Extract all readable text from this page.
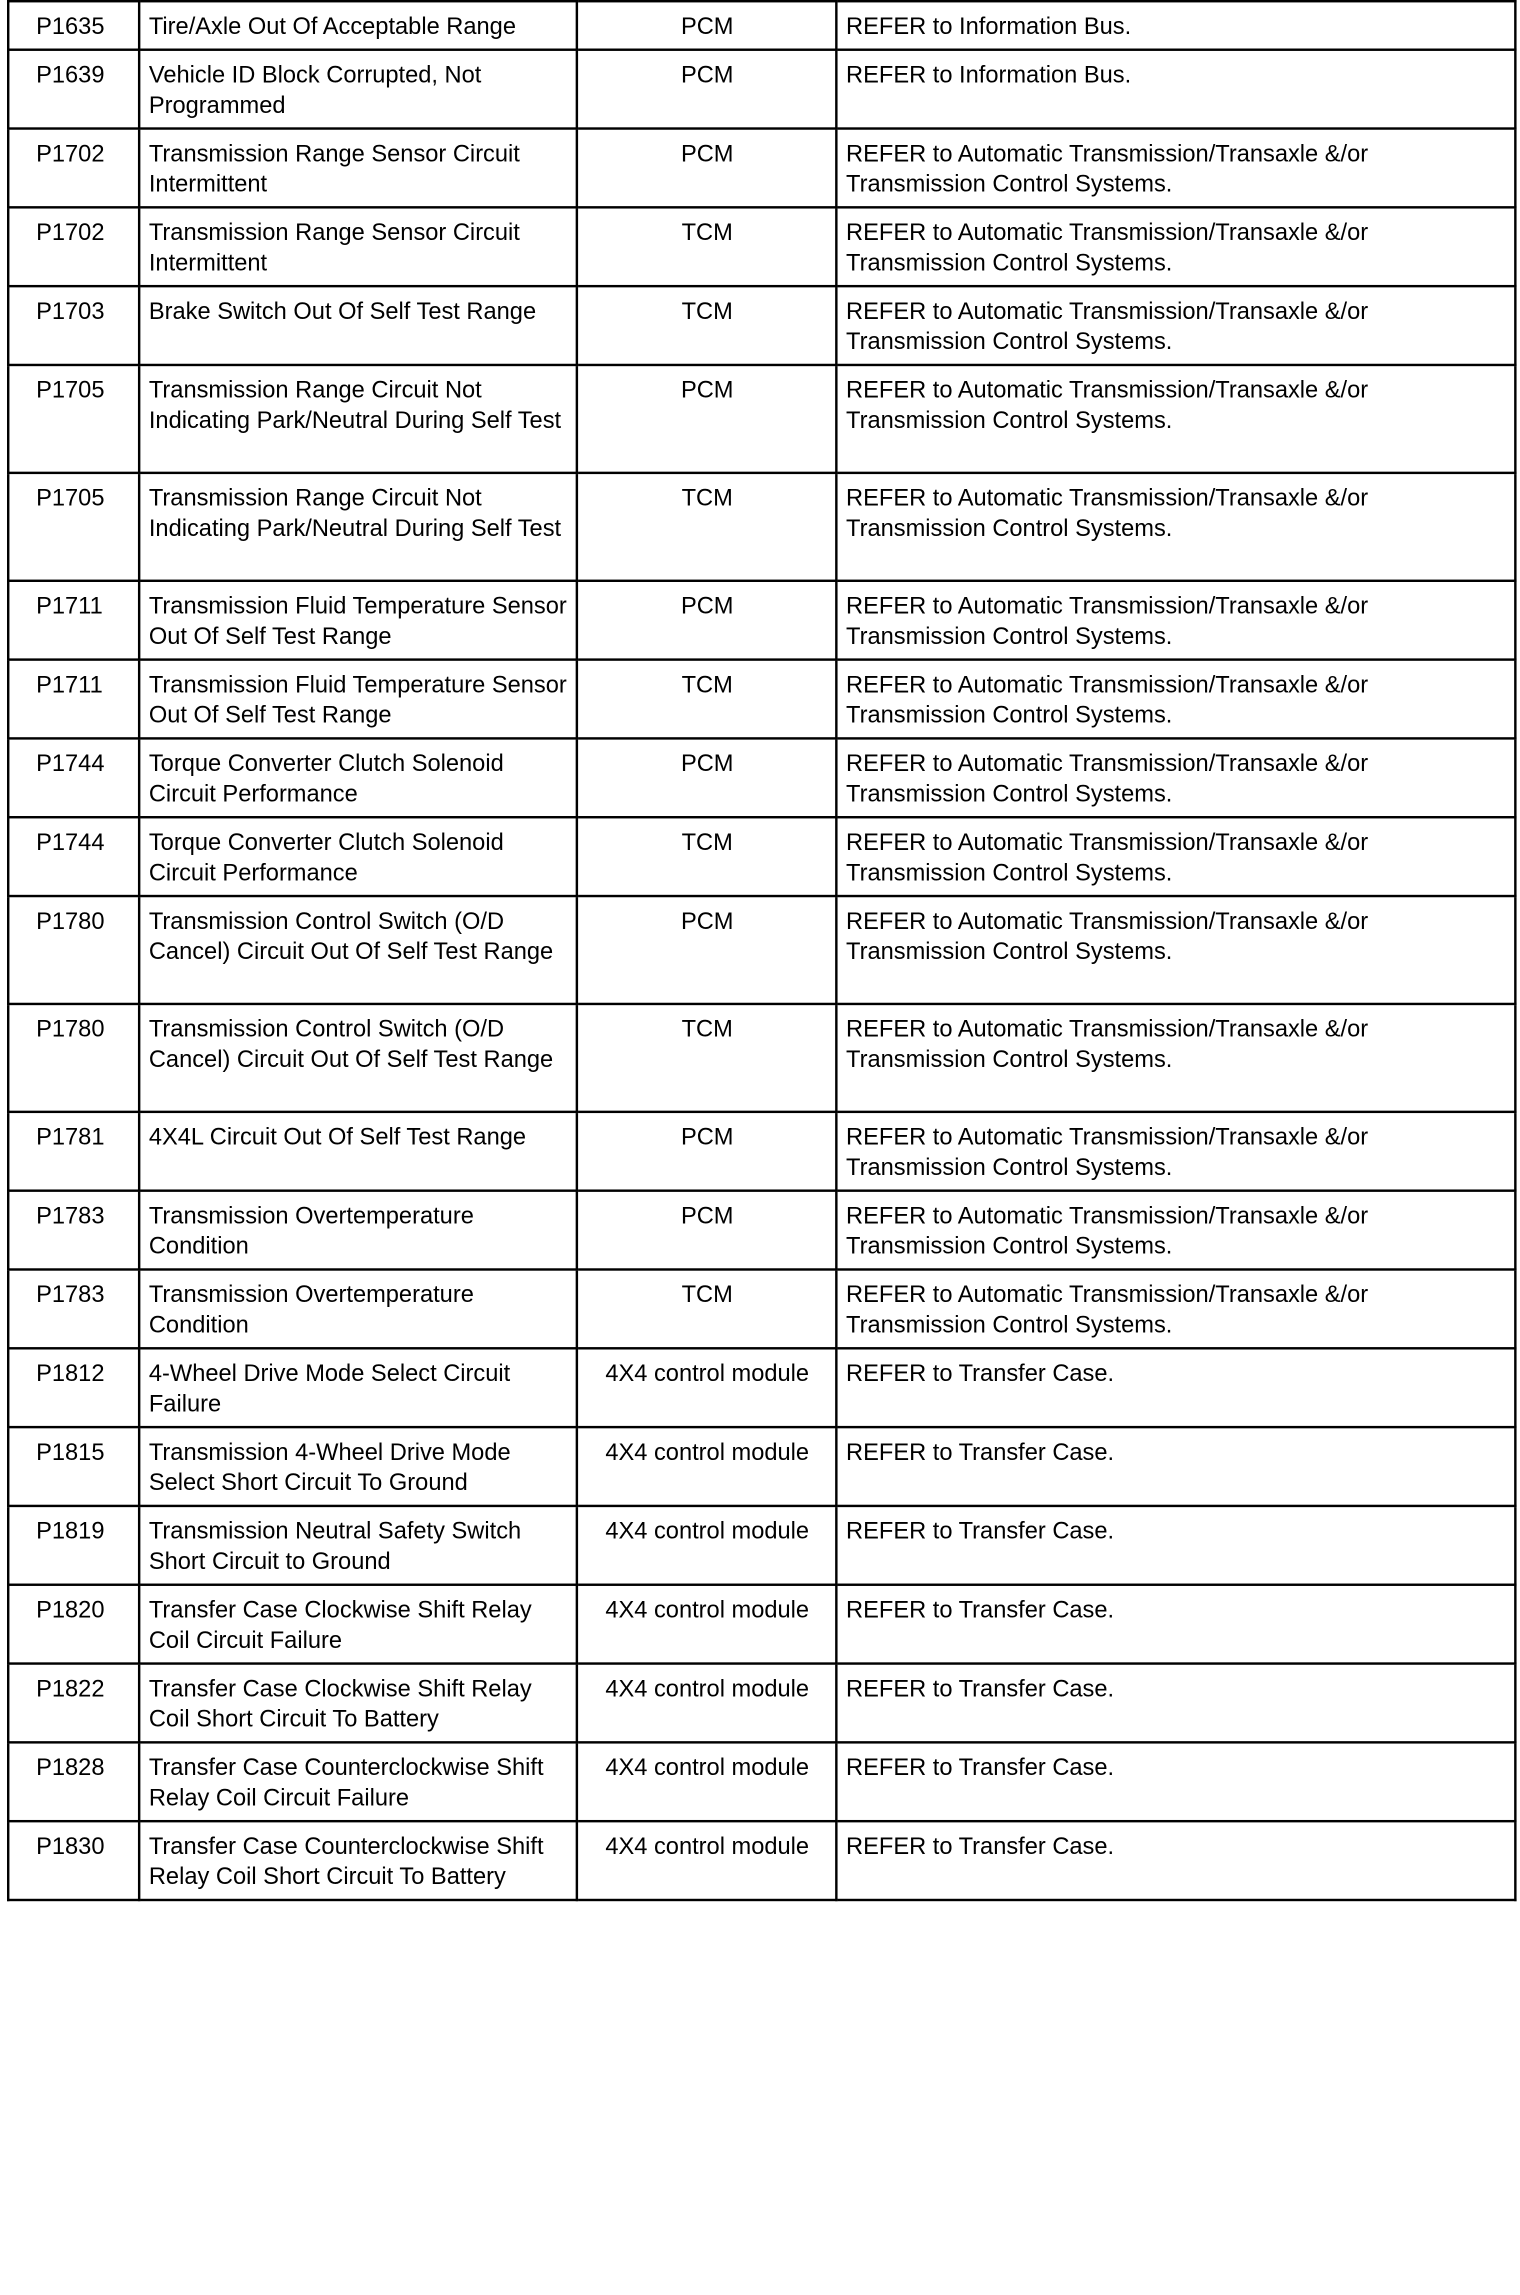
P1635	Tire/Axle Out Of Acceptable Range	PCM	REFER to Information Bus.
P1639	Vehicle ID Block Corrupted, Not Programmed	PCM	REFER to Information Bus.
P1702	Transmission Range Sensor Circuit Intermittent	PCM	REFER to Automatic Transmission/Transaxle &/or Transmission Control Systems.
P1702	Transmission Range Sensor Circuit Intermittent	TCM	REFER to Automatic Transmission/Transaxle &/or Transmission Control Systems.
P1703	Brake Switch Out Of Self Test Range	TCM	REFER to Automatic Transmission/Transaxle &/or Transmission Control Systems.
P1705	Transmission Range Circuit Not Indicating Park/Neutral During Self Test	PCM	REFER to Automatic Transmission/Transaxle &/or Transmission Control Systems.
P1705	Transmission Range Circuit Not Indicating Park/Neutral During Self Test	TCM	REFER to Automatic Transmission/Transaxle &/or Transmission Control Systems.
P1711	Transmission Fluid Temperature Sensor Out Of Self Test Range	PCM	REFER to Automatic Transmission/Transaxle &/or Transmission Control Systems.
P1711	Transmission Fluid Temperature Sensor Out Of Self Test Range	TCM	REFER to Automatic Transmission/Transaxle &/or Transmission Control Systems.
P1744	Torque Converter Clutch Solenoid Circuit Performance	PCM	REFER to Automatic Transmission/Transaxle &/or Transmission Control Systems.
P1744	Torque Converter Clutch Solenoid Circuit Performance	TCM	REFER to Automatic Transmission/Transaxle &/or Transmission Control Systems.
P1780	Transmission Control Switch (O/D Cancel) Circuit Out Of Self Test Range	PCM	REFER to Automatic Transmission/Transaxle &/or Transmission Control Systems.
P1780	Transmission Control Switch (O/D Cancel) Circuit Out Of Self Test Range	TCM	REFER to Automatic Transmission/Transaxle &/or Transmission Control Systems.
P1781	4X4L Circuit Out Of Self Test Range	PCM	REFER to Automatic Transmission/Transaxle &/or Transmission Control Systems.
P1783	Transmission Overtemperature Condition	PCM	REFER to Automatic Transmission/Transaxle &/or Transmission Control Systems.
P1783	Transmission Overtemperature Condition	TCM	REFER to Automatic Transmission/Transaxle &/or Transmission Control Systems.
P1812	4-Wheel Drive Mode Select Circuit Failure	4X4 control module	REFER to Transfer Case.
P1815	Transmission 4-Wheel Drive Mode Select Short Circuit To Ground	4X4 control module	REFER to Transfer Case.
P1819	Transmission Neutral Safety Switch Short Circuit to Ground	4X4 control module	REFER to Transfer Case.
P1820	Transfer Case Clockwise Shift Relay Coil Circuit Failure	4X4 control module	REFER to Transfer Case.
P1822	Transfer Case Clockwise Shift Relay Coil Short Circuit To Battery	4X4 control module	REFER to Transfer Case.
P1828	Transfer Case Counterclockwise Shift Relay Coil Circuit Failure	4X4 control module	REFER to Transfer Case.
P1830	Transfer Case Counterclockwise Shift Relay Coil Short Circuit To Battery	4X4 control module	REFER to Transfer Case.
